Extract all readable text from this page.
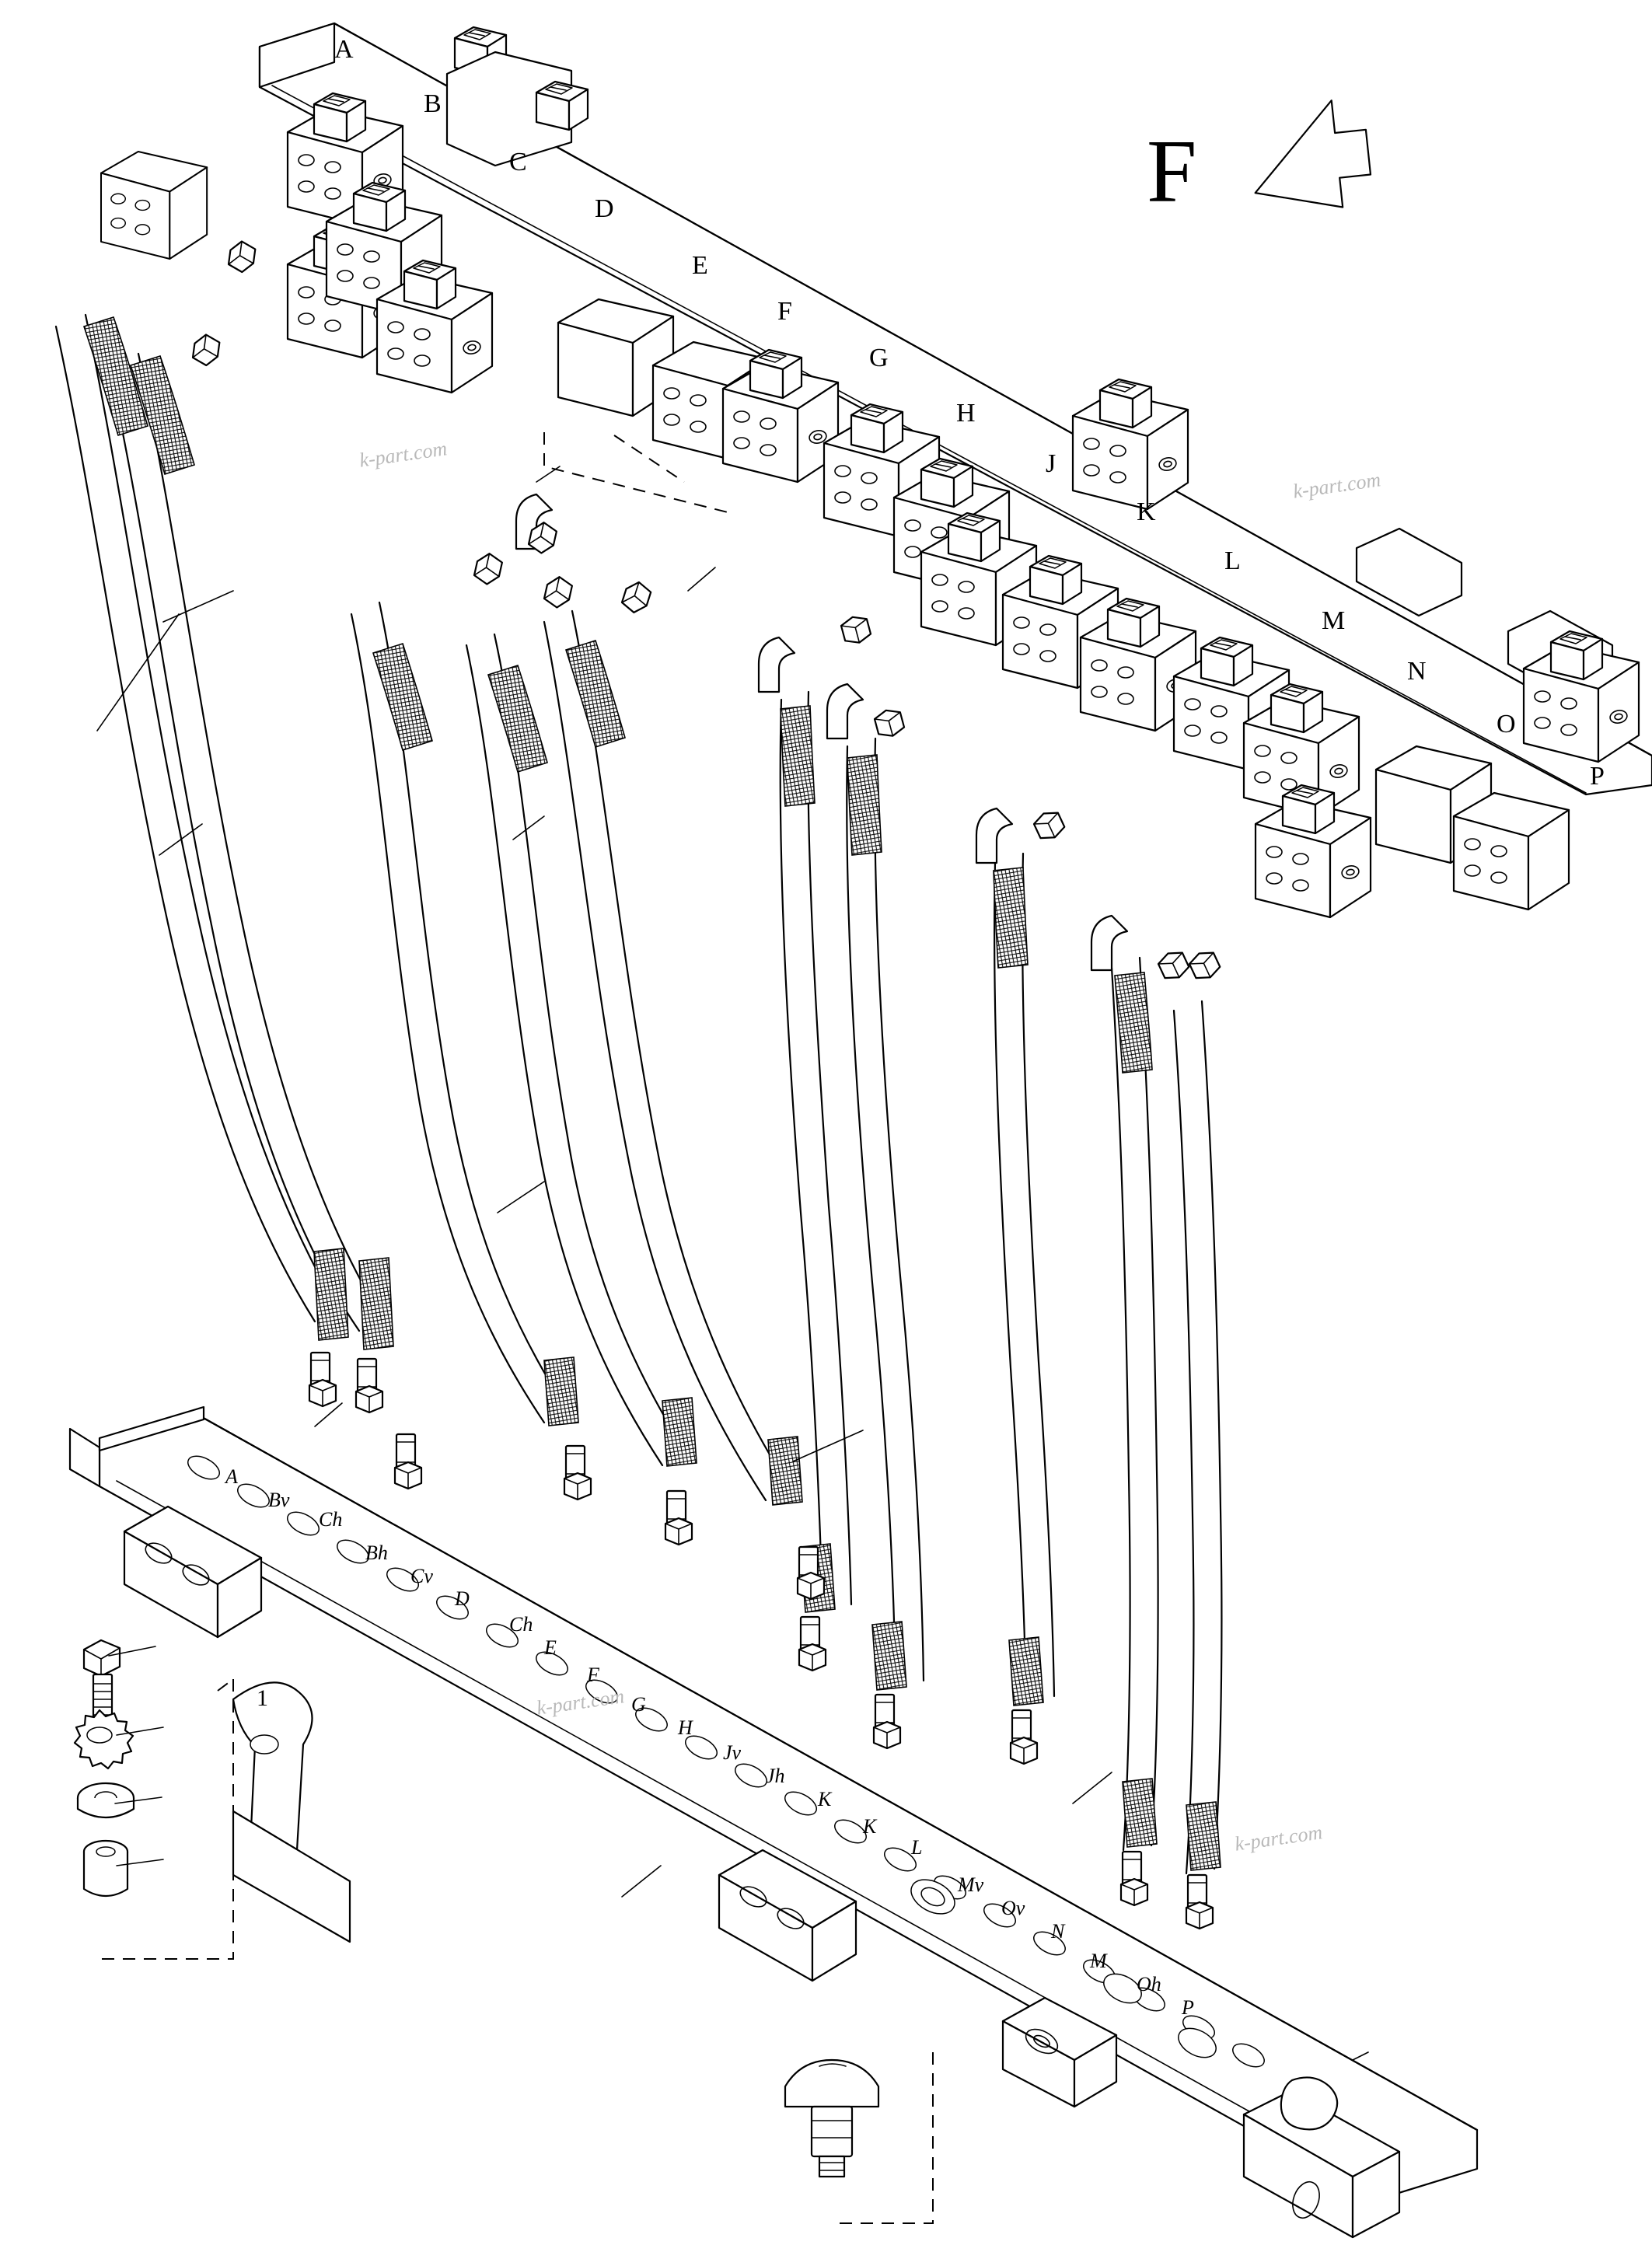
F
1
A
B
C
D
E
F
G
H
J
K
L
M
N
O
P
A
Bv
Ch
Bh
Cv
D
Ch
E
F
G
H
Jv
Jh
K
K
L
Mv
Ov
N
M
Oh
P
k-part.com
k-part.com
k-part.com
k-part.com
